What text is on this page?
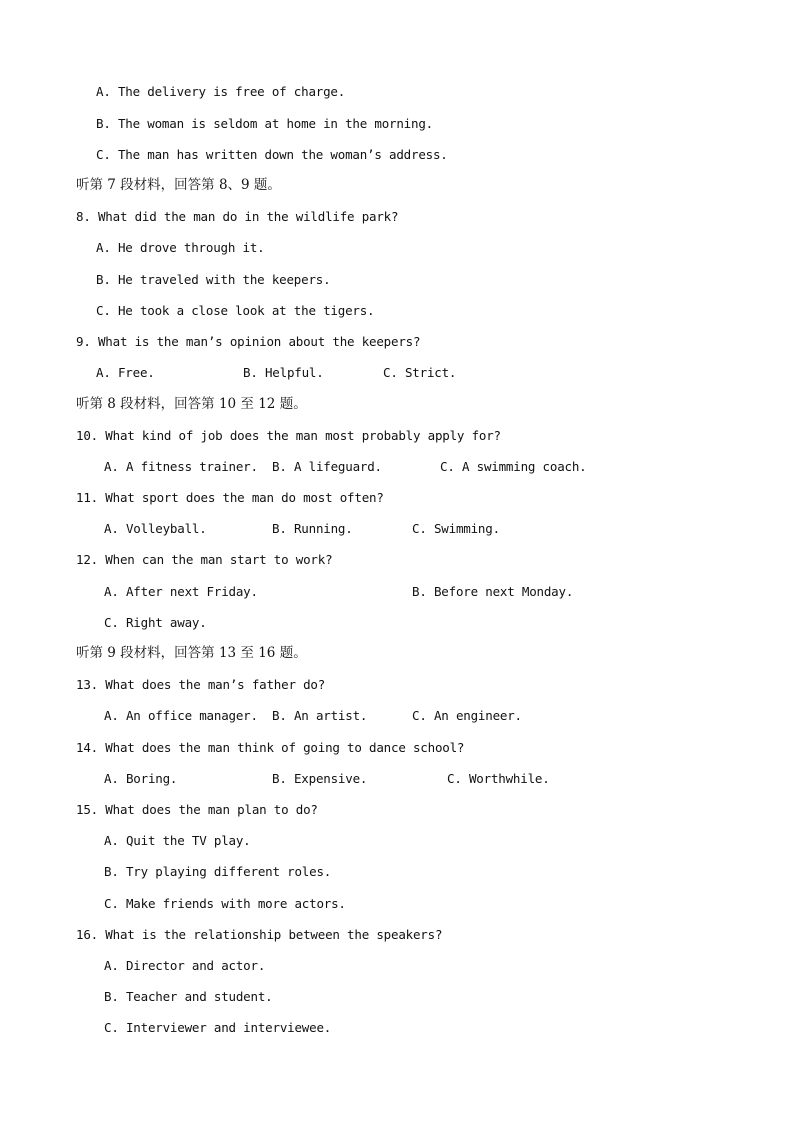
A. The delivery is free of charge.
B. The woman is seldom at home in the morning.
C. The man has written down the woman’s address.
听第 7 段材料，回答第 8、9 题。
8. What did the man do in the wildlife park?
A. He drove through it.
B. He traveled with the keepers.
C. He took a close look at the tigers.
9. What is the man’s opinion about the keepers?
A. Free.	B. Helpful.	C. Strict.
听第 8 段材料，回答第 10 至 12 题。
10. What kind of job does the man most probably apply for?
A. A fitness trainer. B. A lifeguard.	C. A swimming coach.
11. What sport does the man do most often?
A. Volleyball.	B. Running.	C. Swimming.
12. When can the man start to work?
A. After next Friday.	B. Before next Monday.
C. Right away.
听第 9 段材料，回答第 13 至 16 题。
13. What does the man’s father do?
A. An office manager. B. An artist.	C. An engineer.
14. What does the man think of going to dance school?
A. Boring.	B. Expensive.	C. Worthwhile.
15. What does the man plan to do?
A. Quit the TV play.
B. Try playing different roles.
C. Make friends with more actors.
16. What is the relationship between the speakers?
A. Director and actor.
B. Teacher and student.
C. Interviewer and interviewee.
